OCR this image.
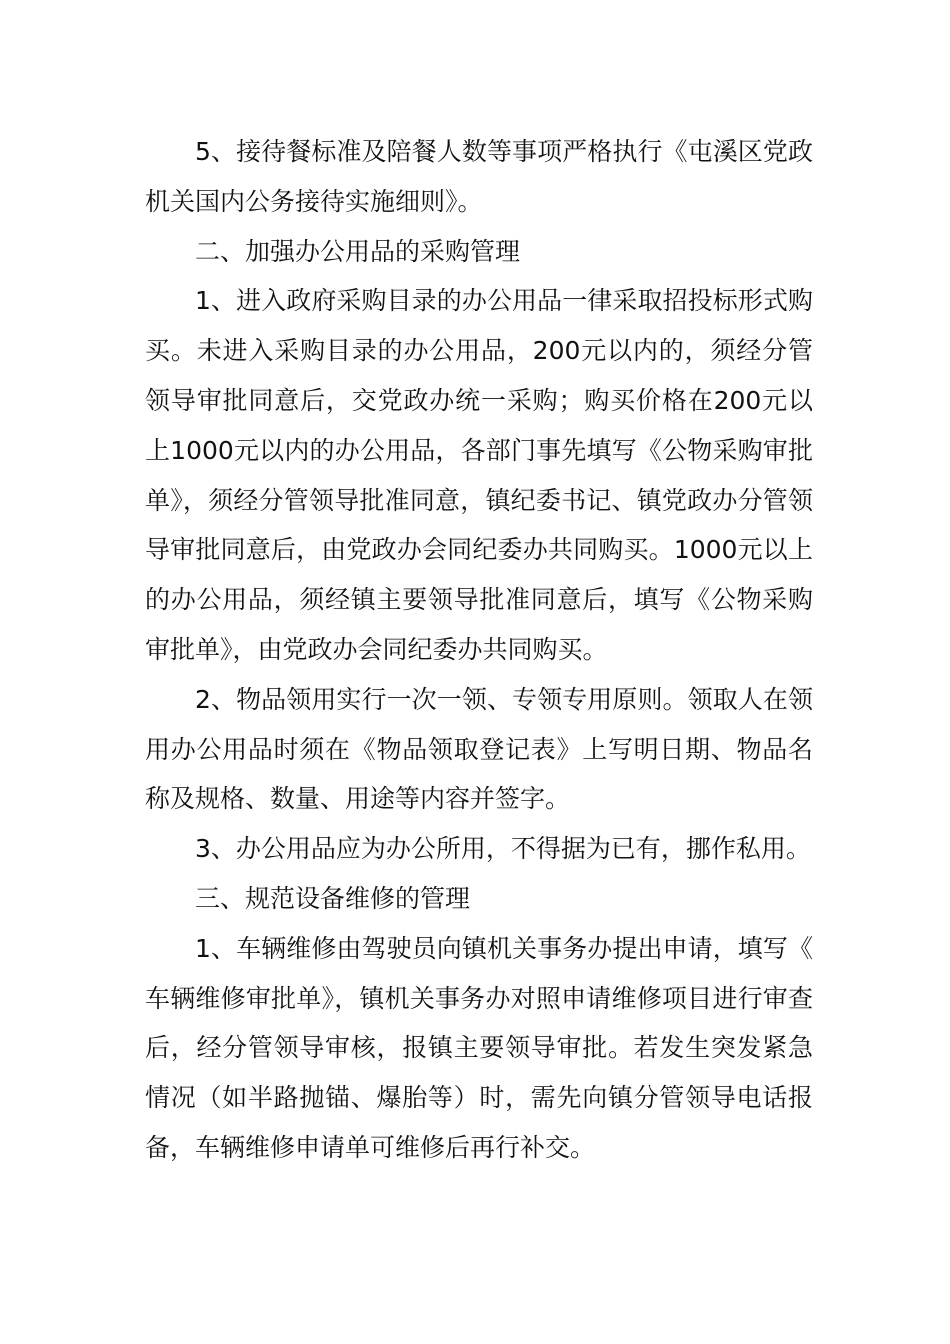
5、接待餐标准及陪餐人数等事项严格执行《屯溪区党政机关国内公务接待实施细则》。

二、加强办公用品的采购管理

1、进入政府采购目录的办公用品一律采取招投标形式购买。未进入采购目录的办公用品，200元以内的，须经分管领导审批同意后，交党政办统一采购；购买价格在200元以上1000元以内的办公用品，各部门事先填写《公物采购审批单》，须经分管领导批准同意，镇纪委书记、镇党政办分管领导审批同意后，由党政办会同纪委办共同购买。1000元以上的办公用品，须经镇主要领导批准同意后，填写《公物采购审批单》，由党政办会同纪委办共同购买。

2、物品领用实行一次一领、专领专用原则。领取人在领用办公用品时须在《物品领取登记表》上写明日期、物品名称及规格、数量、用途等内容并签字。

3、办公用品应为办公所用，不得据为已有，挪作私用。

三、规范设备维修的管理

1、车辆维修由驾驶员向镇机关事务办提出申请，填写《车辆维修审批单》，镇机关事务办对照申请维修项目进行审查后，经分管领导审核，报镇主要领导审批。若发生突发紧急情况（如半路抛锚、爆胎等）时，需先向镇分管领导电话报备，车辆维修申请单可维修后再行补交。
